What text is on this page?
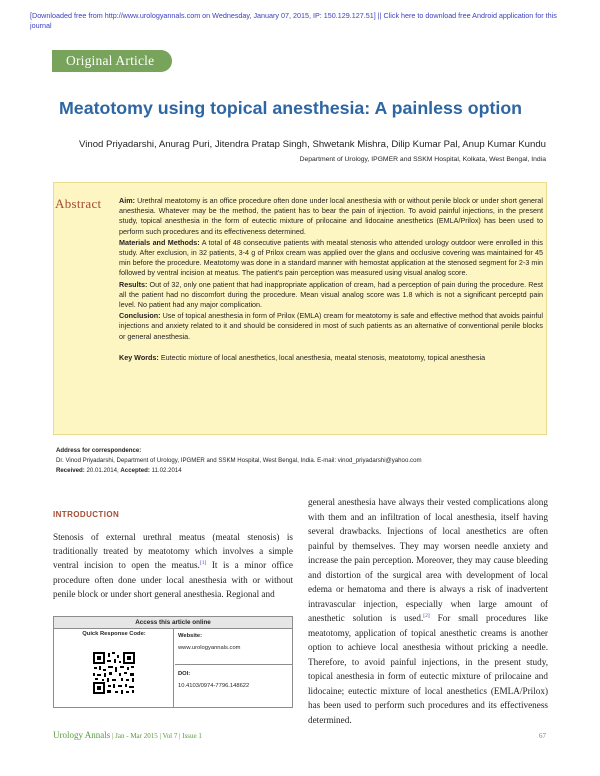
[Downloaded free from http://www.urologyannals.com on Wednesday, January 07, 2015, IP: 150.129.127.51] || Click here to download free Android application for this
journal
Original Article
Meatotomy using topical anesthesia: A painless option
Vinod Priyadarshi, Anurag Puri, Jitendra Pratap Singh, Shwetank Mishra, Dilip Kumar Pal, Anup Kumar Kundu
Department of Urology, IPGMER and SSKM Hospital, Kolkata, West Bengal, India
Abstract Aim: Urethral meatotomy is an office procedure often done under local anesthesia with or without penile block or under short general anesthesia. Whatever may be the method, the patient has to bear the pain of injection. To avoid painful injections, in the present study, topical anesthesia in the form of eutectic mixture of prilocaine and lidocaine anesthetics (EMLA/Prilox) has been used to perform such procedures and its effectiveness determined.

Materials and Methods: A total of 48 consecutive patients with meatal stenosis who attended urology outdoor were enrolled in this study. After exclusion, in 32 patients, 3-4 g of Prilox cream was applied over the glans and occlusive covering was maintained for 45 min before the procedure. Meatotomy was done in a standard manner with hemostat application at the stenosed segment for 2-3 min followed by ventral incision at meatus. The patient's pain perception was measured using visual analog score.

Results: Out of 32, only one patient that had inappropriate application of cream, had a perception of pain during the procedure. Rest all the patient had no discomfort during the procedure. Mean visual analog score was 1.8 which is not a significant perceptd pain level. No patient had any major complication.

Conclusion: Use of topical anesthesia in form of Prilox (EMLA) cream for meatotomy is safe and effective method that avoids painful injections and anxiety related to it and should be considered in most of such patients as an alternative of conventional penile blocks or general anesthesia.

Key Words: Eutectic mixture of local anesthetics, local anesthesia, meatal stenosis, meatotomy, topical anesthesia

Address for correspondence:
Dr. Vinod Priyadarshi, Department of Urology, IPGMER and SSKM Hospital, West Bengal, India. E-mail: vinod_priyadarshi@yahoo.com
Received: 20.01.2014, Accepted: 11.02.2014
INTRODUCTION
Stenosis of external urethral meatus (meatal stenosis) is traditionally treated by meatotomy which involves a simple ventral incision to open the meatus.[1] It is a minor office procedure often done under local anesthesia with or without penile block or under short general anesthesia. Regional and
Access this article online
Quick Response Code:	Website:
www.urologyannals.com
DOI:
10.4103/0974-7796.148622
general anesthesia have always their vested complications along with them and an infiltration of local anesthesia, itself having several drawbacks. Injections of local anesthetics are often painful by themselves. They may worsen needle anxiety and increase the pain perception. Moreover, they may cause bleeding and distortion of the surgical area with development of local edema or hematoma and there is always a risk of inadvertent intravascular injection, especially when large amount of anesthetic solution is used.[2] For small procedures like meatotomy, application of topical anesthetic creams is another option to achieve local anesthesia without pricking a needle. Therefore, to avoid painful injections, in the present study, topical anesthesia in form of eutectic mixture of prilocaine and lidocaine; eutectic mixture of local anesthetics (EMLA/Prilox) has been used to perform such procedures and its effectiveness determined.
Urology Annals | Jan - Mar 2015 | Vol 7 | Issue 1	67
